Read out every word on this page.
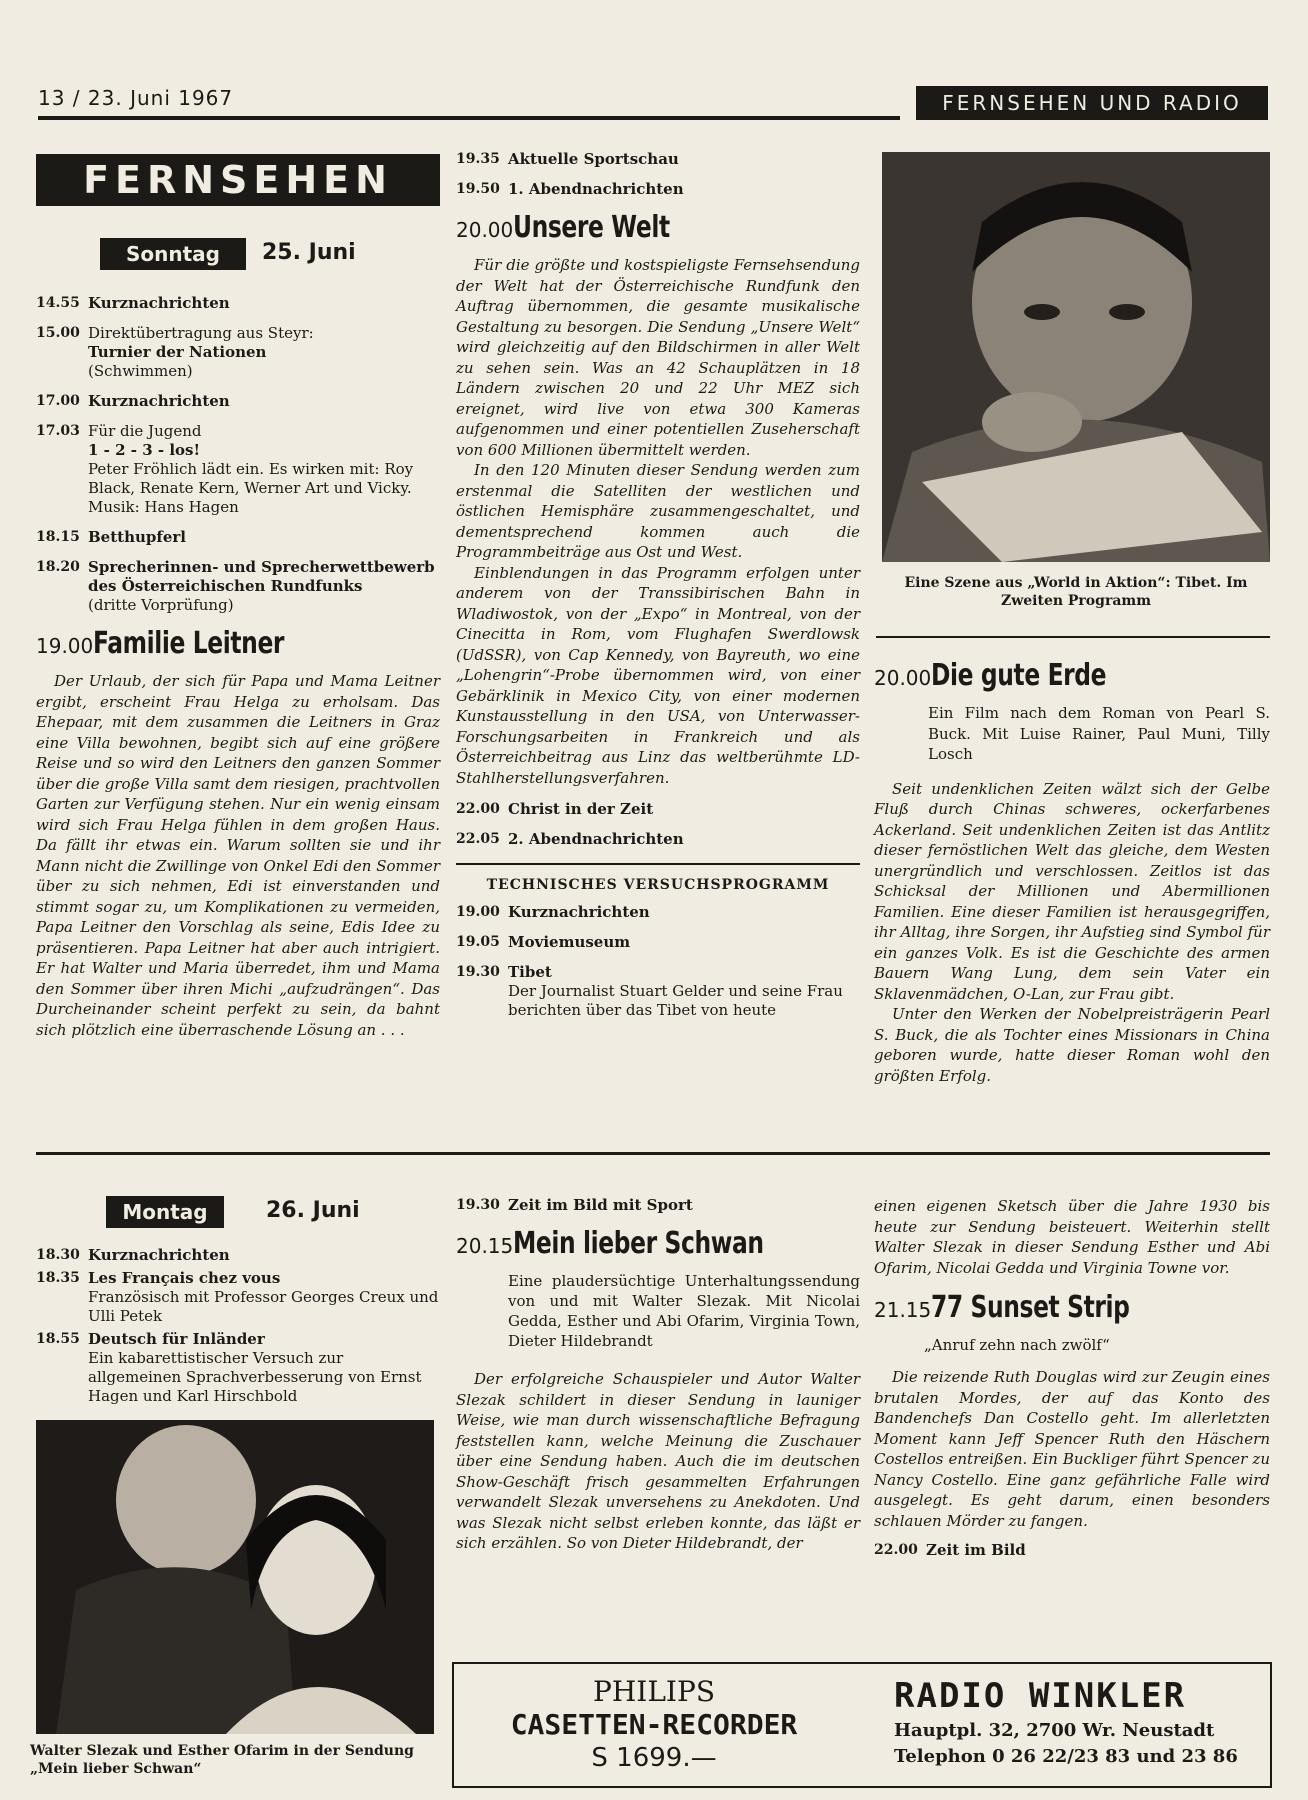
13 / 23. Juni 1967	FERNSEHEN UND RADIO
FERNSEHEN
Sonntag	25. Juni
14.55 Kurznachrichten
15.00 Direktübertragung aus Steyr:
Turnier der Nationen
(Schwimmen)
17.00 Kurznachrichten
17.03 Für die Jugend
1 - 2 - 3 - los!
Peter Fröhlich lädt ein. Es wirken mit: Roy Black, Renate Kern, Werner Art und Vicky. Musik: Hans Hagen
18.15 Betthupferl
18.20 Sprecherinnen- und Sprecherwettbewerb des Österreichischen Rundfunks
(dritte Vorprüfung)
19.00 Familie Leitner
Der Urlaub, der sich für Papa und Mama Leitner ergibt, erscheint Frau Helga zu erholsam. Das Ehepaar, mit dem zusammen die Leitners in Graz eine Villa bewohnen, begibt sich auf eine größere Reise und so wird den Leitners den ganzen Sommer über die große Villa samt dem riesigen, prachtvollen Garten zur Verfügung stehen. Nur ein wenig einsam wird sich Frau Helga fühlen in dem großen Haus. Da fällt ihr etwas ein. Warum sollten sie und ihr Mann nicht die Zwillinge von Onkel Edi den Sommer über zu sich nehmen, Edi ist einverstanden und stimmt sogar zu, um Komplikationen zu vermeiden, Papa Leitner den Vorschlag als seine, Edis Idee zu präsentieren. Papa Leitner hat aber auch intrigiert. Er hat Walter und Maria überredet, ihm und Mama den Sommer über ihren Michi „aufzudrängen“. Das Durcheinander scheint perfekt zu sein, da bahnt sich plötzlich eine überraschende Lösung an . . .
19.35 Aktuelle Sportschau
19.50 1. Abendnachrichten
20.00 Unsere Welt
Für die größte und kostspieligste Fernsehsendung der Welt hat der Österreichische Rundfunk den Auftrag übernommen, die gesamte musikalische Gestaltung zu besorgen. Die Sendung „Unsere Welt“ wird gleichzeitig auf den Bildschirmen in aller Welt zu sehen sein. Was an 42 Schauplätzen in 18 Ländern zwischen 20 und 22 Uhr MEZ sich ereignet, wird live von etwa 300 Kameras aufgenommen und einer potentiellen Zuseherschaft von 600 Millionen übermittelt werden.
In den 120 Minuten dieser Sendung werden zum erstenmal die Satelliten der westlichen und östlichen Hemisphäre zusammengeschaltet, und dementsprechend kommen auch die Programmbeiträge aus Ost und West.
Einblendungen in das Programm erfolgen unter anderem von der Transsibirischen Bahn in Wladiwostok, von der „Expo“ in Montreal, von der Cinecitta in Rom, vom Flughafen Swerdlowsk (UdSSR), von Cap Kennedy, von Bayreuth, wo eine „Lohengrin“-Probe übernommen wird, von einer Gebärklinik in Mexico City, von einer modernen Kunstausstellung in den USA, von Unterwasser-Forschungsarbeiten in Frankreich und als Österreichbeitrag aus Linz das weltberühmte LD-Stahlherstellungsverfahren.
22.00 Christ in der Zeit
22.05 2. Abendnachrichten
TECHNISCHES VERSUCHSPROGRAMM
19.00 Kurznachrichten
19.05 Moviemuseum
19.30 Tibet
Der Journalist Stuart Gelder und seine Frau berichten über das Tibet von heute
Eine Szene aus „World in Aktion“: Tibet. Im Zweiten Programm
20.00 Die gute Erde
Ein Film nach dem Roman von Pearl S. Buck. Mit Luise Rainer, Paul Muni, Tilly Losch
Seit undenklichen Zeiten wälzt sich der Gelbe Fluß durch Chinas schweres, ockerfarbenes Ackerland. Seit undenklichen Zeiten ist das Antlitz dieser fernöstlichen Welt das gleiche, dem Westen unergründlich und verschlossen. Zeitlos ist das Schicksal der Millionen und Abermillionen Familien. Eine dieser Familien ist herausgegriffen, ihr Alltag, ihre Sorgen, ihr Aufstieg sind Symbol für ein ganzes Volk. Es ist die Geschichte des armen Bauern Wang Lung, dem sein Vater ein Sklavenmädchen, O-Lan, zur Frau gibt.
Unter den Werken der Nobelpreisträgerin Pearl S. Buck, die als Tochter eines Missionars in China geboren wurde, hatte dieser Roman wohl den größten Erfolg.
Montag	26. Juni
18.30 Kurznachrichten
18.35 Les Français chez vous
Französisch mit Professor Georges Creux und Ulli Petek
18.55 Deutsch für Inländer
Ein kabarettistischer Versuch zur allgemeinen Sprachverbesserung von Ernst Hagen und Karl Hirschbold
Walter Slezak und Esther Ofarim in der Sendung „Mein lieber Schwan“
19.30 Zeit im Bild mit Sport
20.15 Mein lieber Schwan
Eine plaudersüchtige Unterhaltungssendung von und mit Walter Slezak. Mit Nicolai Gedda, Esther und Abi Ofarim, Virginia Town, Dieter Hildebrandt
Der erfolgreiche Schauspieler und Autor Walter Slezak schildert in dieser Sendung in launiger Weise, wie man durch wissenschaftliche Befragung feststellen kann, welche Meinung die Zuschauer über eine Sendung haben. Auch die im deutschen Show-Geschäft frisch gesammelten Erfahrungen verwandelt Slezak unversehens zu Anekdoten. Und was Slezak nicht selbst erleben konnte, das läßt er sich erzählen. So von Dieter Hildebrandt, der
einen eigenen Sketsch über die Jahre 1930 bis heute zur Sendung beisteuert. Weiterhin stellt Walter Slezak in dieser Sendung Esther und Abi Ofarim, Nicolai Gedda und Virginia Towne vor.
21.15 77 Sunset Strip
„Anruf zehn nach zwölf“
Die reizende Ruth Douglas wird zur Zeugin eines brutalen Mordes, der auf das Konto des Bandenchefs Dan Costello geht. Im allerletzten Moment kann Jeff Spencer Ruth den Häschern Costellos entreißen. Ein Buckliger führt Spencer zu Nancy Costello. Eine ganz gefährliche Falle wird ausgelegt. Es geht darum, einen besonders schlauen Mörder zu fangen.
22.00 Zeit im Bild
PHILIPS
CASETTEN-RECORDER
S 1699.—
RADIO WINKLER
Hauptpl. 32, 2700 Wr. Neustadt
Telephon 0 26 22/23 83 und 23 86
